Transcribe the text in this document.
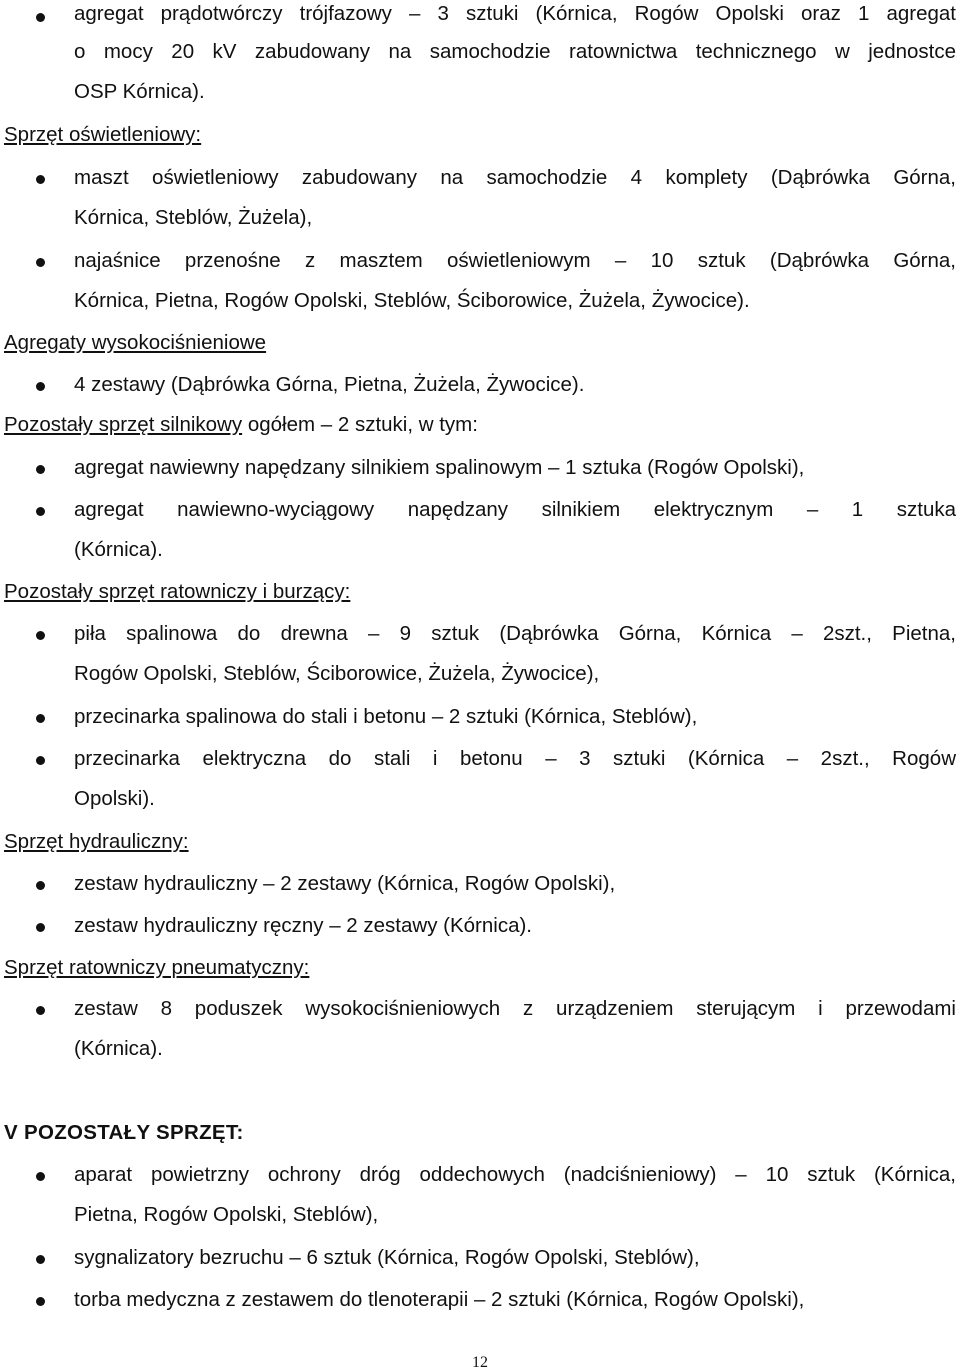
agregat prądotwórczy trójfazowy – 3 sztuki (Kórnica, Rogów Opolski oraz 1 agregat
o mocy 20 kV zabudowany na samochodzie ratownictwa technicznego w jednostce
OSP Kórnica).
Sprzęt oświetleniowy:
maszt oświetleniowy zabudowany na samochodzie 4 komplety (Dąbrówka Górna,
Kórnica, Steblów, Żużela),
najaśnice przenośne z masztem oświetleniowym – 10 sztuk (Dąbrówka Górna,
Kórnica, Pietna, Rogów Opolski, Steblów, Ściborowice, Żużela, Żywocice).
Agregaty wysokociśnieniowe
4 zestawy (Dąbrówka Górna, Pietna, Żużela, Żywocice).
Pozostały sprzęt silnikowy ogółem – 2 sztuki, w tym:
agregat nawiewny napędzany silnikiem spalinowym – 1 sztuka (Rogów Opolski),
agregat nawiewno-wyciągowy napędzany silnikiem elektrycznym – 1 sztuka
(Kórnica).
Pozostały sprzęt ratowniczy i burzący:
piła spalinowa do drewna – 9 sztuk (Dąbrówka Górna, Kórnica – 2szt., Pietna,
Rogów Opolski, Steblów, Ściborowice, Żużela, Żywocice),
przecinarka spalinowa do stali i betonu – 2 sztuki (Kórnica, Steblów),
przecinarka elektryczna do stali i betonu – 3 sztuki (Kórnica – 2szt., Rogów
Opolski).
Sprzęt hydrauliczny:
zestaw hydrauliczny – 2 zestawy (Kórnica, Rogów Opolski),
zestaw hydrauliczny ręczny – 2 zestawy (Kórnica).
Sprzęt ratowniczy pneumatyczny:
zestaw 8 poduszek wysokociśnieniowych z urządzeniem sterującym i przewodami
(Kórnica).
V POZOSTAŁY SPRZĘT:
aparat powietrzny ochrony dróg oddechowych (nadciśnieniowy) – 10 sztuk (Kórnica,
Pietna, Rogów Opolski, Steblów),
sygnalizatory bezruchu – 6 sztuk (Kórnica, Rogów Opolski, Steblów),
torba medyczna z zestawem do tlenoterapii – 2 sztuki (Kórnica, Rogów Opolski),
12
